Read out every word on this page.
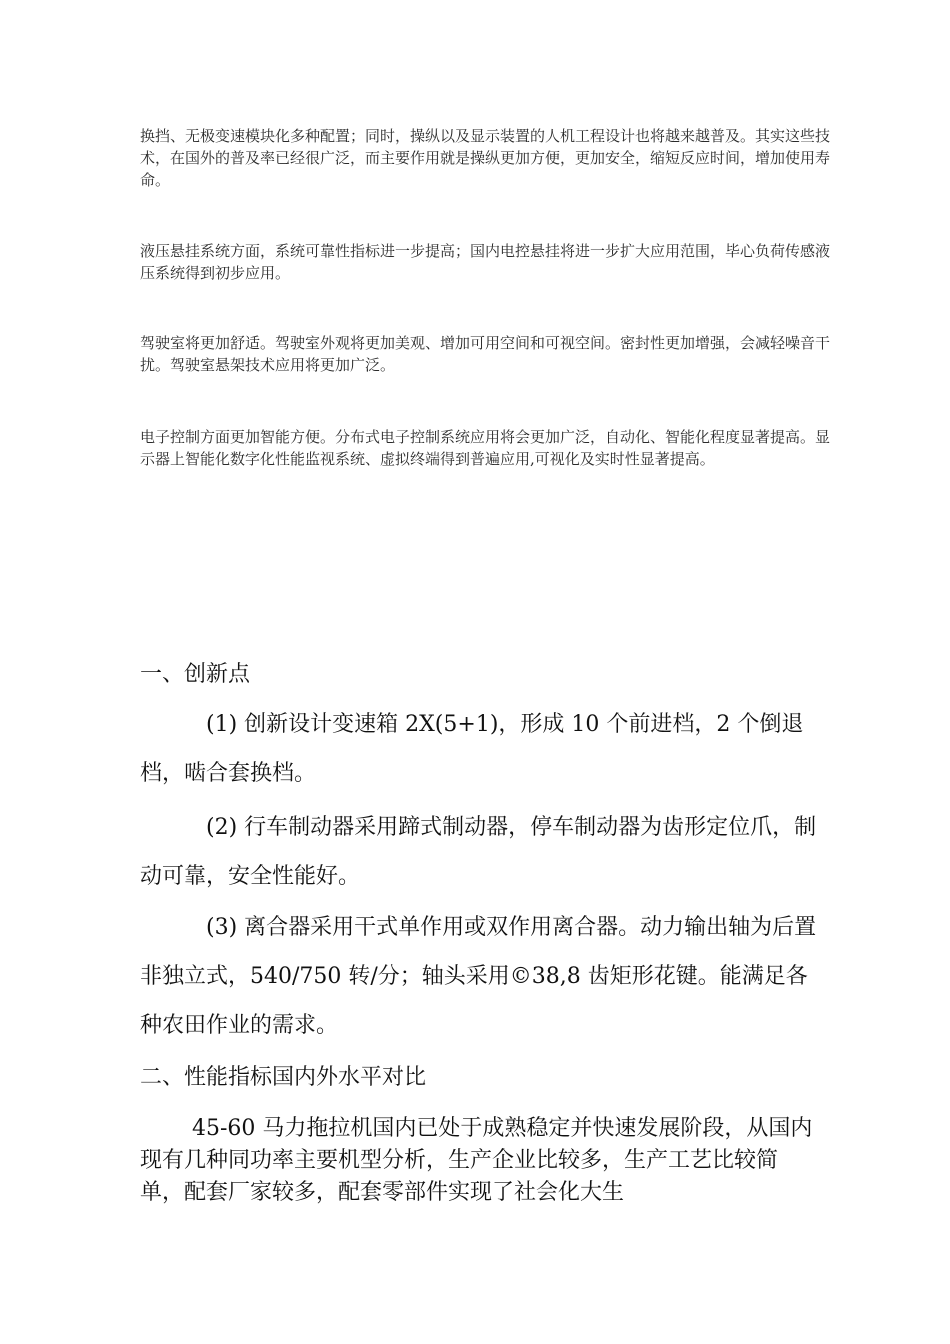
换挡、无极变速模块化多种配置；同时，操纵以及显示装置的人机工程设计也将越来越普及。其实这些技术，在国外的普及率已经很广泛，而主要作用就是操纵更加方便，更加安全，缩短反应时间，增加使用寿命。

液压悬挂系统方面，系统可靠性指标进一步提高；国内电控悬挂将进一步扩大应用范围，毕心负荷传感液压系统得到初步应用。

驾驶室将更加舒适。驾驶室外观将更加美观、增加可用空间和可视空间。密封性更加增强，会减轻噪音干扰。驾驶室悬架技术应用将更加广泛。

电子控制方面更加智能方便。分布式电子控制系统应用将会更加广泛，自动化、智能化程度显著提高。显示器上智能化数字化性能监视系统、虚拟终端得到普遍应用,可视化及实时性显著提高。

一、创新点

(1) 创新设计变速箱 2X(5+1)，形成 10 个前进档，2 个倒退档，啮合套换档。

(2) 行车制动器采用蹄式制动器，停车制动器为齿形定位爪，制动可靠，安全性能好。

(3) 离合器采用干式单作用或双作用离合器。动力输出轴为后置非独立式，540/750 转/分；轴头采用©38,8 齿矩形花键。能满足各种农田作业的需求。

二、性能指标国内外水平对比

45-60 马力拖拉机国内已处于成熟稳定并快速发展阶段，从国内现有几种同功率主要机型分析，生产企业比较多，生产工艺比较简单，配套厂家较多，配套零部件实现了社会化大生
